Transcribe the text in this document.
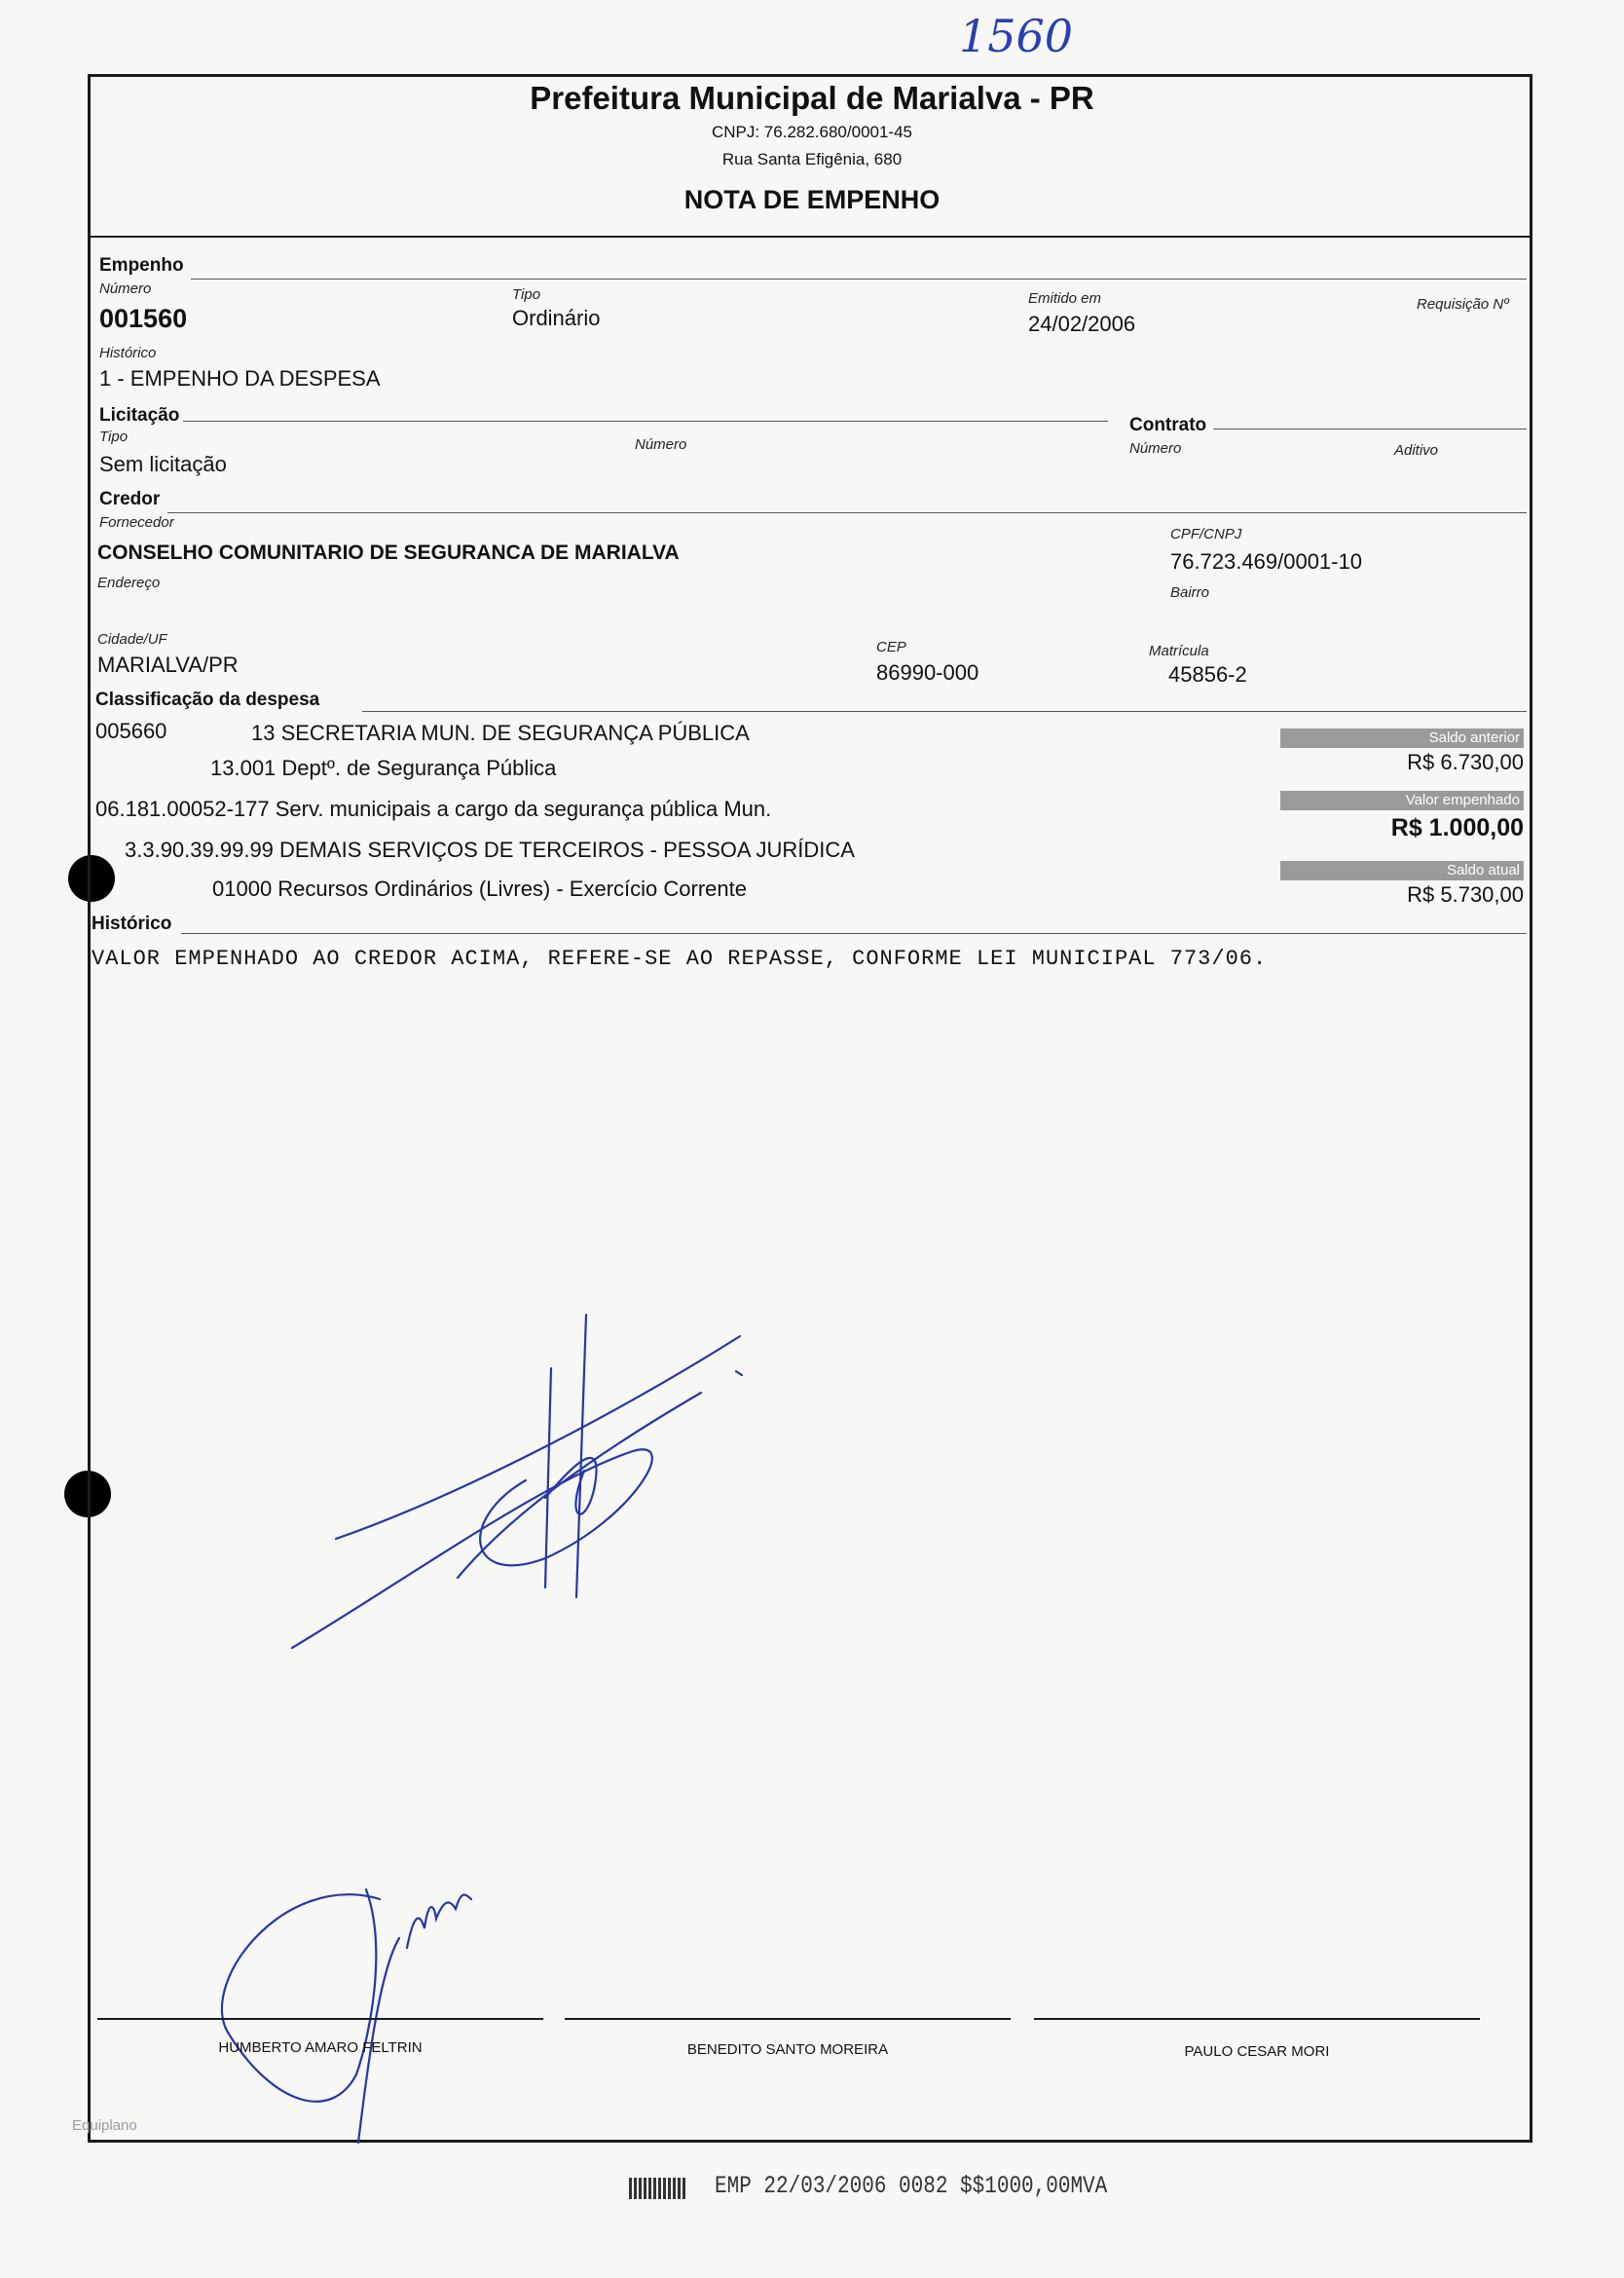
1560
Prefeitura Municipal de Marialva - PR
CNPJ: 76.282.680/0001-45
Rua Santa Efigênia, 680
NOTA DE EMPENHO
Empenho
Número
001560
Tipo
Ordinário
Emitido em
24/02/2006
Requisição Nº
Histórico
1 - EMPENHO DA DESPESA
Licitação
Tipo
Sem licitação
Número
Contrato
Número	Aditivo
Credor
Fornecedor
CONSELHO COMUNITARIO DE SEGURANCA DE MARIALVA
CPF/CNPJ
76.723.469/0001-10
Endereço
Bairro
Cidade/UF
MARIALVA/PR
CEP
86990-000
Matrícula
45856-2
Classificação da despesa
005660	13 SECRETARIA MUN. DE SEGURANÇA PÚBLICA
13.001 Deptº. de Segurança Pública
06.181.00052-177 Serv. municipais a cargo da segurança pública Mun.
3.3.90.39.99.99 DEMAIS SERVIÇOS DE TERCEIROS - PESSOA JURÍDICA
01000 Recursos Ordinários (Livres) - Exercício Corrente
Saldo anterior
R$ 6.730,00
Valor empenhado
R$ 1.000,00
Saldo atual
R$ 5.730,00
Histórico
VALOR EMPENHADO AO CREDOR ACIMA, REFERE-SE AO REPASSE, CONFORME LEI MUNICIPAL 773/06.
HUMBERTO AMARO FELTRIN	BENEDITO SANTO MOREIRA	PAULO CESAR MORI
Equiplano
EMP 22/03/2006 0082 $$1000,00MVA
